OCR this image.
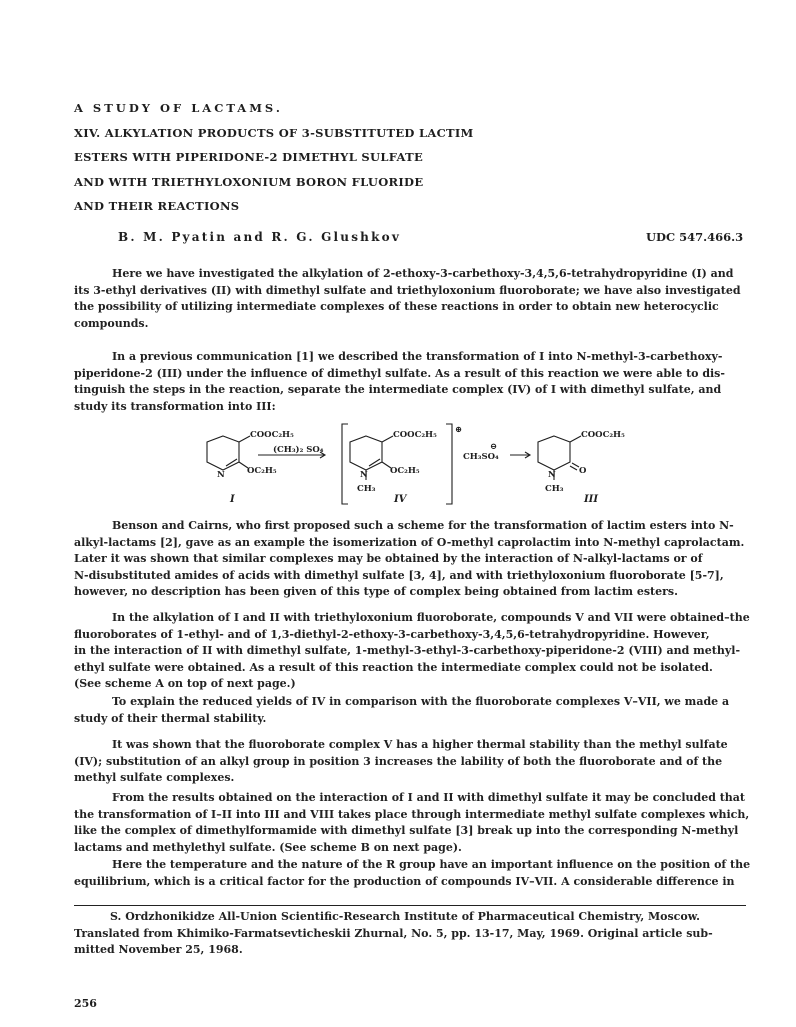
A STUDY OF LACTAMS.
XIV. ALKYLATION PRODUCTS OF 3-SUBSTITUTED LACTIM
ESTERS WITH PIPERIDONE-2 DIMETHYL SULFATE
AND WITH TRIETHYLOXONIUM BORON FLUORIDE
AND THEIR REACTIONS
B. M. Pyatin and R. G. Glushkov	UDC 547.466.3
Here we have investigated the alkylation of 2-ethoxy-3-carbethoxy-3,4,5,6-tetrahydropyridine (I) and
its 3-ethyl derivatives (II) with dimethyl sulfate and triethyloxonium fluoroborate; we have also investigated
the possibility of utilizing intermediate complexes of these reactions in order to obtain new heterocyclic
compounds.
In a previous communication [1] we described the transformation of I into N-methyl-3-carbethoxy-
piperidone-2 (III) under the influence of dimethyl sulfate. As a result of this reaction we were able to dis-
tinguish the steps in the reaction, separate the intermediate complex (IV) of I with dimethyl sulfate, and
study its transformation into III:
COOC₂H₅
OC₂H₅
N
(CH₃)₂ SO₄
COOC₂H₅
OC₂H₅
N
CH₃
⊕
CH₃SO₄
⊖
COOC₂H₅
N	O
CH₃
I	IV	III
Benson and Cairns, who first proposed such a scheme for the transformation of lactim esters into N-
alkyl-lactams [2], gave as an example the isomerization of O-methyl caprolactim into N-methyl caprolactam.
Later it was shown that similar complexes may be obtained by the interaction of N-alkyl-lactams or of
N-disubstituted amides of acids with dimethyl sulfate [3, 4], and with triethyloxonium fluoroborate [5-7],
however, no description has been given of this type of complex being obtained from lactim esters.
In the alkylation of I and II with triethyloxonium fluoroborate, compounds V and VII were obtained–the
fluoroborates of 1-ethyl- and of 1,3-diethyl-2-ethoxy-3-carbethoxy-3,4,5,6-tetrahydropyridine. However,
in the interaction of II with dimethyl sulfate, 1-methyl-3-ethyl-3-carbethoxy-piperidone-2 (VIII) and methyl-
ethyl sulfate were obtained. As a result of this reaction the intermediate complex could not be isolated.
(See scheme A on top of next page.)
To explain the reduced yields of IV in comparison with the fluoroborate complexes V–VII, we made a
study of their thermal stability.
It was shown that the fluoroborate complex V has a higher thermal stability than the methyl sulfate
(IV); substitution of an alkyl group in position 3 increases the lability of both the fluoroborate and of the
methyl sulfate complexes.
From the results obtained on the interaction of I and II with dimethyl sulfate it may be concluded that
the transformation of I–II into III and VIII takes place through intermediate methyl sulfate complexes which,
like the complex of dimethylformamide with dimethyl sulfate [3] break up into the corresponding N-methyl
lactams and methylethyl sulfate. (See scheme B on next page).
Here the temperature and the nature of the R group have an important influence on the position of the
equilibrium, which is a critical factor for the production of compounds IV–VII. A considerable difference in
S. Ordzhonikidze All-Union Scientific-Research Institute of Pharmaceutical Chemistry, Moscow.
Translated from Khimiko-Farmatsevticheskii Zhurnal, No. 5, pp. 13-17, May, 1969. Original article sub-
mitted November 25, 1968.
256
